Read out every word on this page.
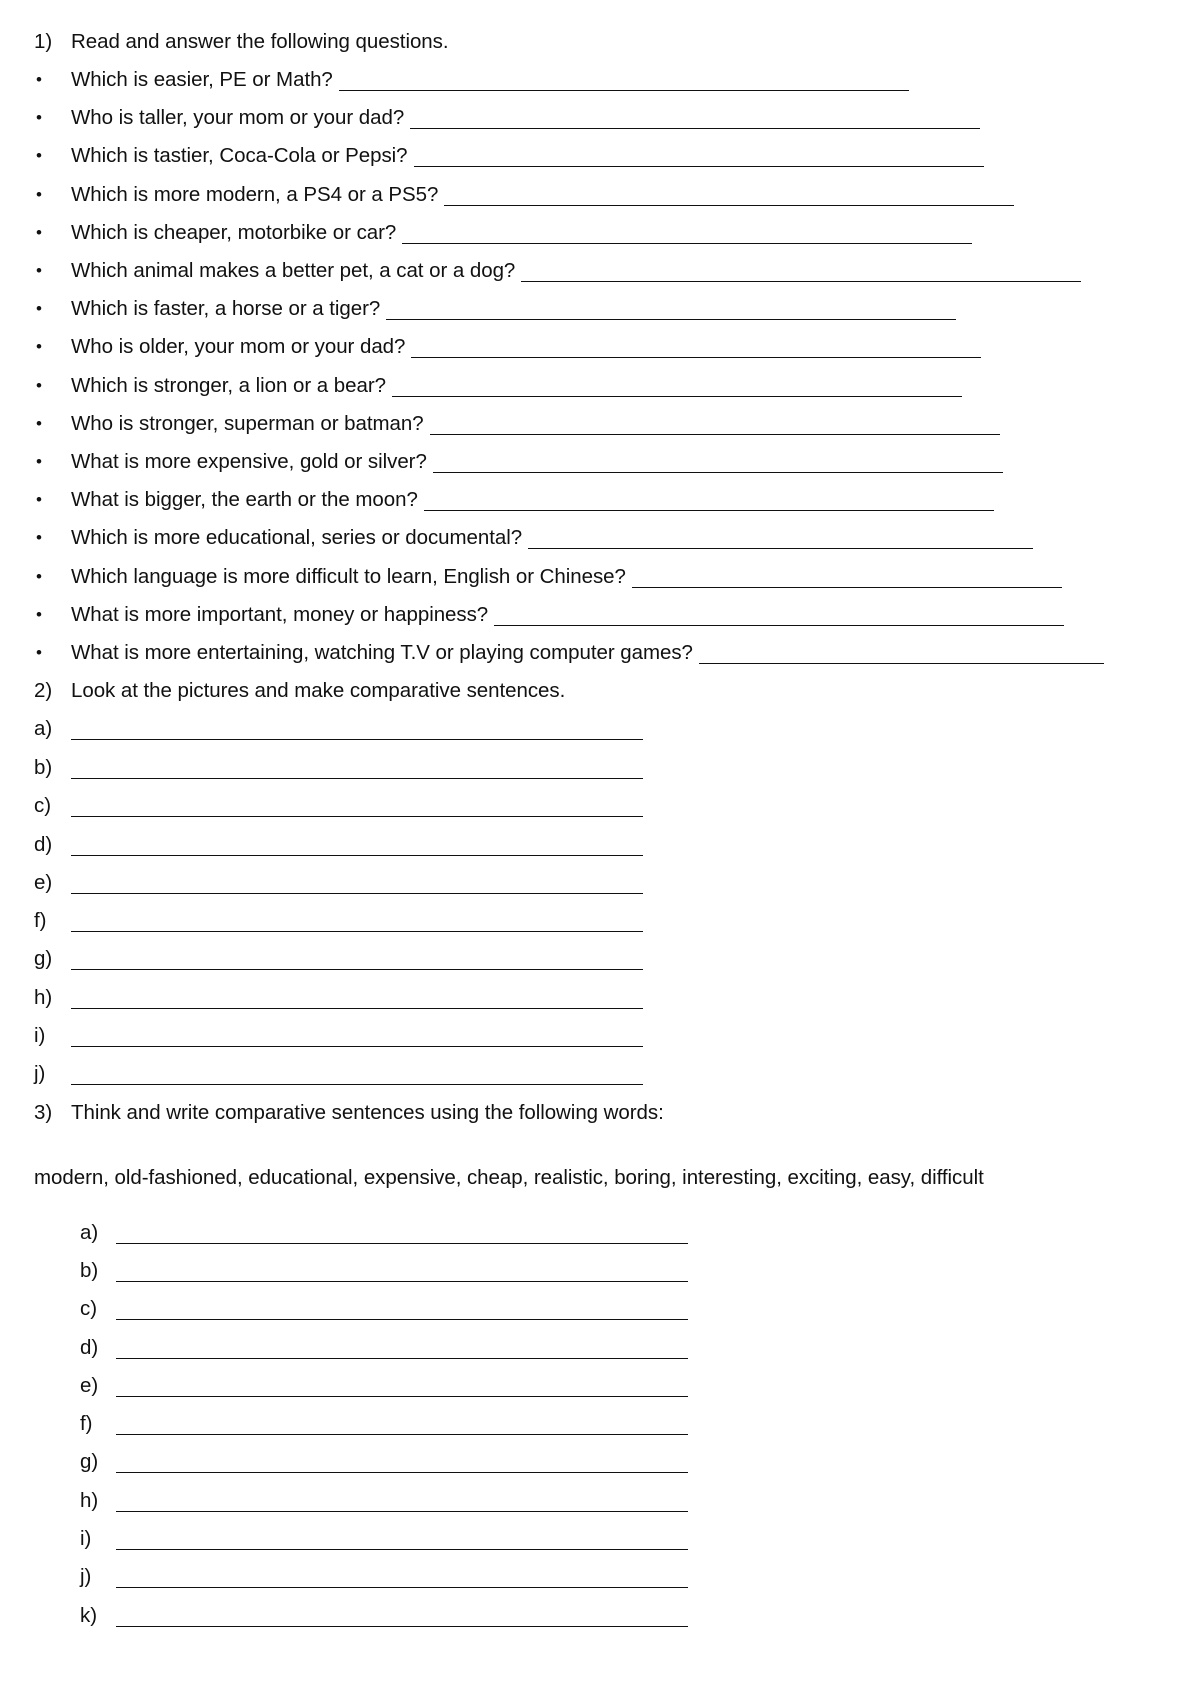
1) Read and answer the following questions.
• Which is easier, PE or Math?
• Who is taller, your mom or your dad?
• Which is tastier, Coca-Cola or Pepsi?
• Which is more modern, a PS4 or a PS5?
• Which is cheaper, motorbike or car?
• Which animal makes a better pet, a cat or a dog?
• Which is faster, a horse or a tiger?
• Who is older, your mom or your dad?
• Which is stronger, a lion or a bear?
• Who is stronger, superman or batman?
• What is more expensive, gold or silver?
• What is bigger, the earth or the moon?
• Which is more educational, series or documental?
• Which language is more difficult to learn, English or Chinese?
• What is more important, money or happiness?
• What is more entertaining, watching T.V or playing computer games?
2) Look at the pictures and make comparative sentences.
a)
b)
c)
d)
e)
f)
g)
h)
i)
j)
3) Think and write comparative sentences using the following words:
modern, old-fashioned, educational, expensive, cheap, realistic, boring, interesting, exciting, easy, difficult
a)
b)
c)
d)
e)
f)
g)
h)
i)
j)
k)
